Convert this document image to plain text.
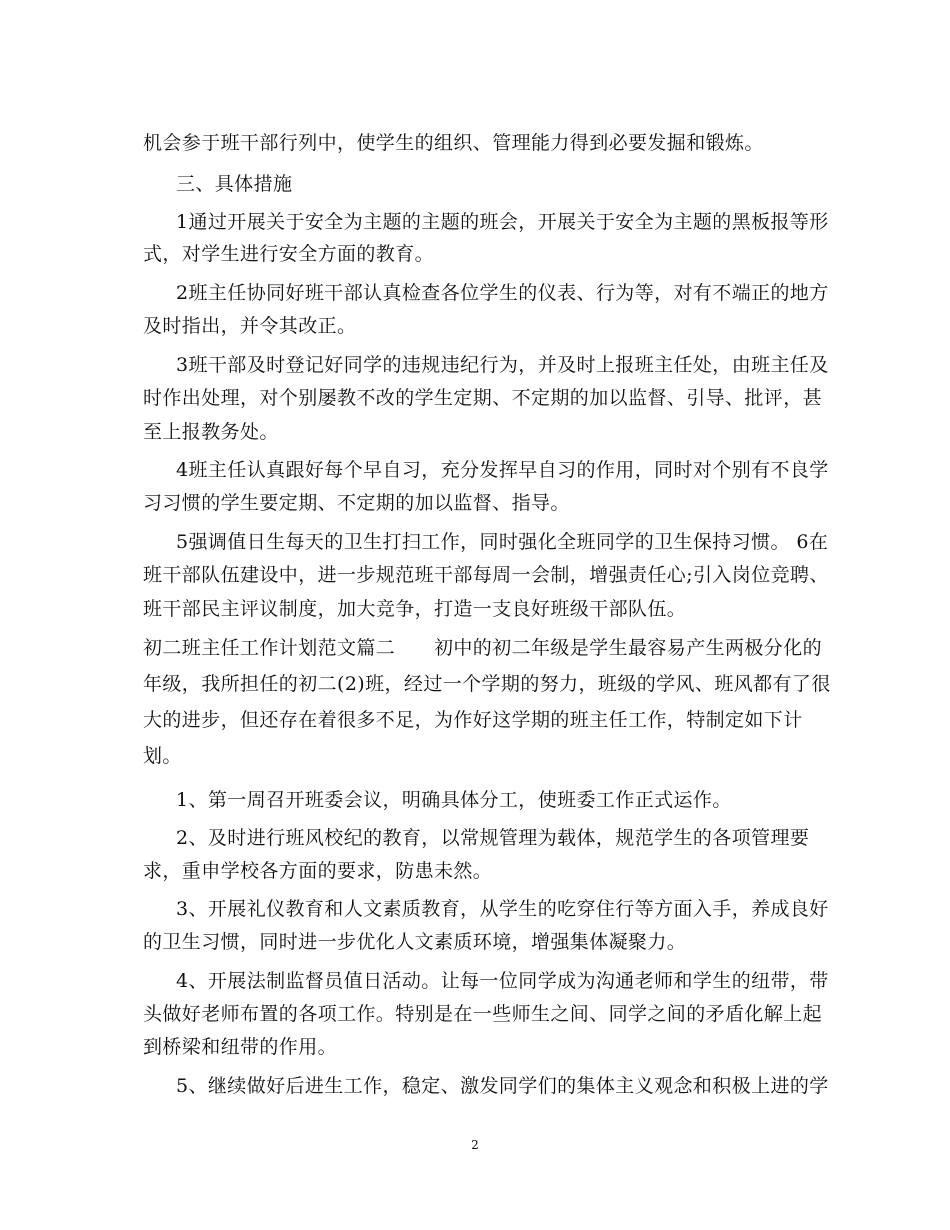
机会参于班干部行列中，使学生的组织、管理能力得到必要发掘和锻炼。
三、具体措施
1通过开展关于安全为主题的主题的班会，开展关于安全为主题的黑板报等形
式，对学生进行安全方面的教育。
2班主任协同好班干部认真检查各位学生的仪表、行为等，对有不端正的地方
及时指出，并令其改正。
3班干部及时登记好同学的违规违纪行为，并及时上报班主任处，由班主任及
时作出处理，对个别屡教不改的学生定期、不定期的加以监督、引导、批评，甚
至上报教务处。
4班主任认真跟好每个早自习，充分发挥早自习的作用，同时对个别有不良学
习习惯的学生要定期、不定期的加以监督、指导。
5强调值日生每天的卫生打扫工作，同时强化全班同学的卫生保持习惯。 6在
班干部队伍建设中，进一步规范班干部每周一会制，增强责任心;引入岗位竞聘、
班干部民主评议制度，加大竞争，打造一支良好班级干部队伍。
初二班主任工作计划范文篇二　　初中的初二年级是学生最容易产生两极分化的
年级，我所担任的初二(2)班，经过一个学期的努力，班级的学风、班风都有了很
大的进步，但还存在着很多不足，为作好这学期的班主任工作，特制定如下计
划。
1、第一周召开班委会议，明确具体分工，使班委工作正式运作。
2、及时进行班风校纪的教育，以常规管理为载体，规范学生的各项管理要
求，重申学校各方面的要求，防患未然。
3、开展礼仪教育和人文素质教育，从学生的吃穿住行等方面入手，养成良好
的卫生习惯，同时进一步优化人文素质环境，增强集体凝聚力。
4、开展法制监督员值日活动。让每一位同学成为沟通老师和学生的纽带，带
头做好老师布置的各项工作。特别是在一些师生之间、同学之间的矛盾化解上起
到桥梁和纽带的作用。
5、继续做好后进生工作，稳定、激发同学们的集体主义观念和积极上进的学
2
